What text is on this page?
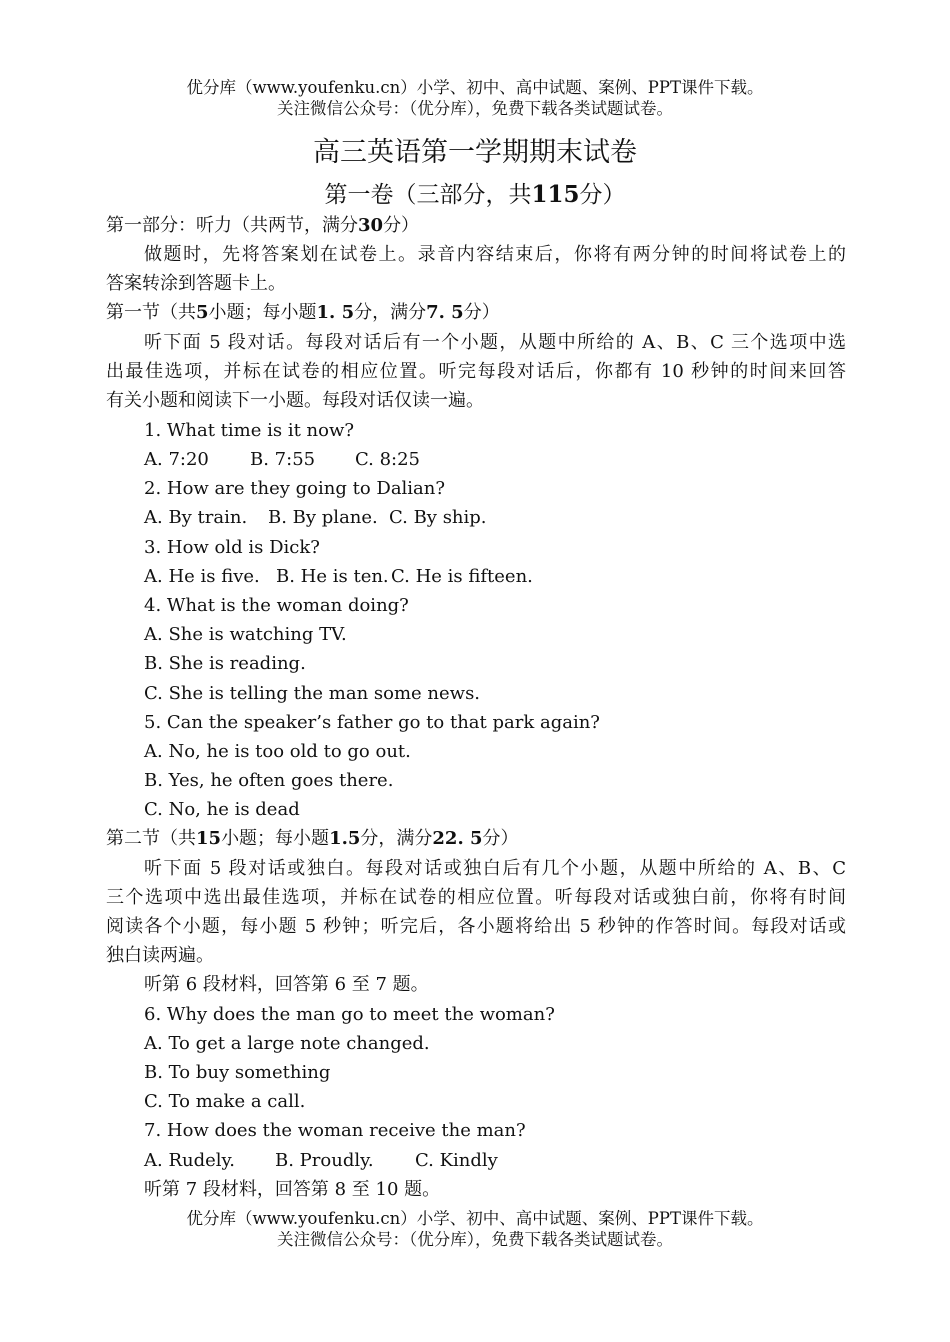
优分库（www.youfenku.cn）小学、初中、高中试题、案例、PPT课件下载。
关注微信公众号：（优分库），免费下载各类试题试卷。
高三英语第一学期期末试卷
第一卷（三部分，共115分）
第一部分：听力（共两节，满分30分）
做题时，先将答案划在试卷上。录音内容结束后，你将有两分钟的时间将试卷上的
答案转涂到答题卡上。
第一节（共5小题；每小题1. 5分，满分7. 5分）
听下面 5 段对话。每段对话后有一个小题，从题中所给的 A、B、C 三个选项中选
出最佳选项，并标在试卷的相应位置。听完每段对话后，你都有 10 秒钟的时间来回答
有关小题和阅读下一小题。每段对话仅读一遍。
1. What time is it now?
A. 7:20 B. 7:55 C. 8:25
2. How are they going to Dalian?
A. By train. B. By plane. C. By ship.
3. How old is Dick?
A. He is five. B. He is ten. C. He is fifteen.
4. What is the woman doing?
A. She is watching TV.
B. She is reading.
C. She is telling the man some news.
5. Can the speaker’s father go to that park again?
A. No, he is too old to go out.
B. Yes, he often goes there.
C. No, he is dead
第二节（共15小题；每小题1.5分，满分22. 5分）
听下面 5 段对话或独白。每段对话或独白后有几个小题，从题中所给的 A、B、C
三个选项中选出最佳选项，并标在试卷的相应位置。听每段对话或独白前，你将有时间
阅读各个小题，每小题 5 秒钟；听完后，各小题将给出 5 秒钟的作答时间。每段对话或
独白读两遍。
听第 6 段材料，回答第 6 至 7 题。
6. Why does the man go to meet the woman?
A. To get a large note changed.
B. To buy something
C. To make a call.
7. How does the woman receive the man?
A. Rudely. B. Proudly. C. Kindly
听第 7 段材料，回答第 8 至 10 题。
优分库（www.youfenku.cn）小学、初中、高中试题、案例、PPT课件下载。
关注微信公众号：（优分库），免费下载各类试题试卷。
